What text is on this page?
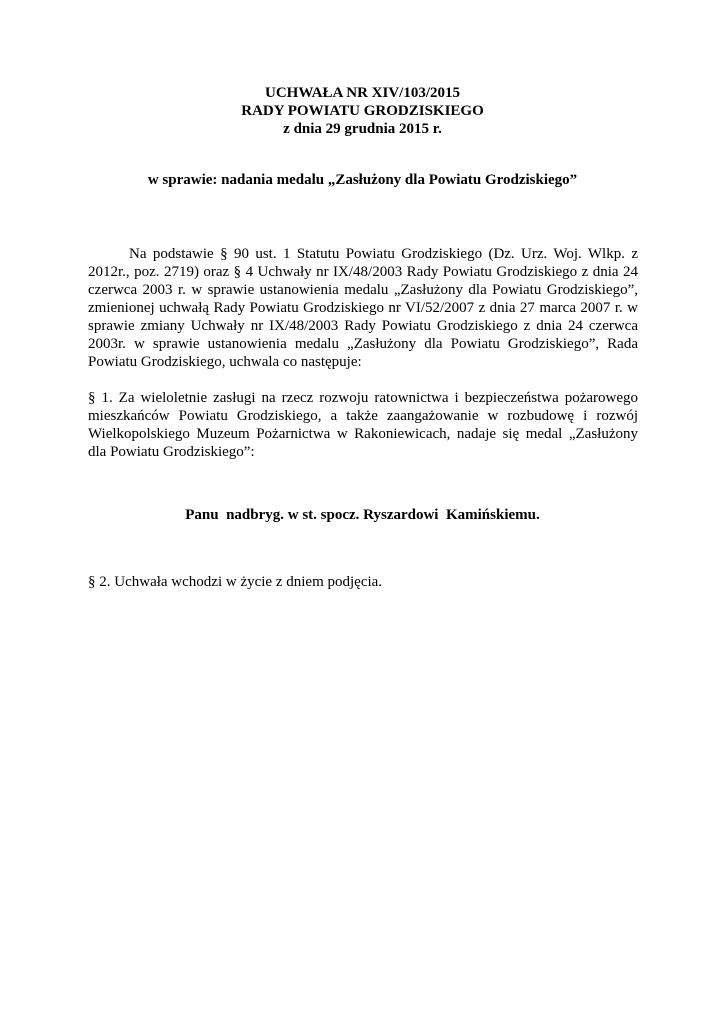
UCHWAŁA NR XIV/103/2015
RADY POWIATU GRODZISKIEGO
z dnia 29 grudnia 2015 r.
w sprawie: nadania medalu „Zasłużony dla Powiatu Grodziskiego”

Na podstawie § 90 ust. 1 Statutu Powiatu Grodziskiego (Dz. Urz. Woj. Wlkp. z 2012r., poz. 2719) oraz § 4 Uchwały nr IX/48/2003 Rady Powiatu Grodziskiego z dnia 24 czerwca 2003 r. w sprawie ustanowienia medalu „Zasłużony dla Powiatu Grodziskiego”, zmienionej uchwałą Rady Powiatu Grodziskiego nr VI/52/2007 z dnia 27 marca 2007 r. w sprawie zmiany Uchwały nr IX/48/2003 Rady Powiatu Grodziskiego z dnia 24 czerwca 2003r. w sprawie ustanowienia medalu „Zasłużony dla Powiatu Grodziskiego”, Rada Powiatu Grodziskiego, uchwala co następuje:

§ 1. Za wieloletnie zasługi na rzecz rozwoju ratownictwa i bezpieczeństwa pożarowego mieszkańców Powiatu Grodziskiego, a także zaangażowanie w rozbudowę i rozwój Wielkopolskiego Muzeum Pożarnictwa w Rakoniewicach, nadaje się medal „Zasłużony dla Powiatu Grodziskiego”:

Panu  nadbryg. w st. spocz. Ryszardowi  Kamińskiemu.

§ 2. Uchwała wchodzi w życie z dniem podjęcia.
